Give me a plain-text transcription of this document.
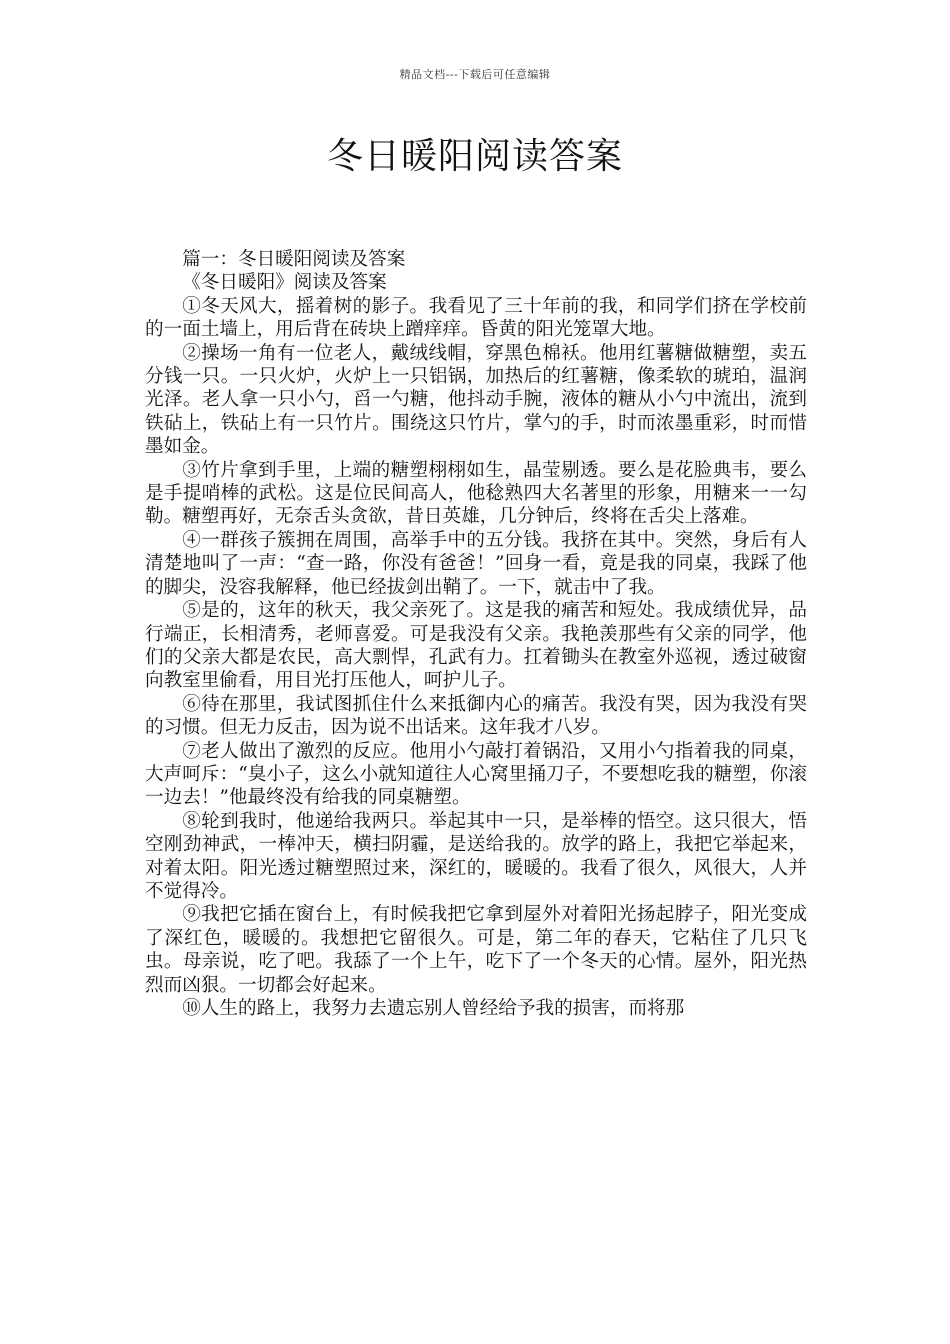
精品文档---下载后可任意编辑
冬日暖阳阅读答案

篇一：冬日暖阳阅读及答案

《冬日暖阳》阅读及答案

①冬天风大，摇着树的影子。我看见了三十年前的我，和同学们挤在学校前的一面土墙上，用后背在砖块上蹭痒痒。昏黄的阳光笼罩大地。

②操场一角有一位老人，戴绒线帽，穿黑色棉袄。他用红薯糖做糖塑，卖五分钱一只。一只火炉，火炉上一只铝锅，加热后的红薯糖，像柔软的琥珀，温润光泽。老人拿一只小勺，舀一勺糖，他抖动手腕，液体的糖从小勺中流出，流到铁砧上，铁砧上有一只竹片。围绕这只竹片，掌勺的手，时而浓墨重彩，时而惜墨如金。

③竹片拿到手里，上端的糖塑栩栩如生，晶莹剔透。要么是花脸典韦，要么是手提哨棒的武松。这是位民间高人，他稔熟四大名著里的形象，用糖来一一勾勒。糖塑再好，无奈舌头贪欲，昔日英雄，几分钟后，终将在舌尖上落难。

④一群孩子簇拥在周围，高举手中的五分钱。我挤在其中。突然，身后有人清楚地叫了一声：“查一路，你没有爸爸！”回身一看，竟是我的同桌，我踩了他的脚尖，没容我解释，他已经拔剑出鞘了。一下，就击中了我。

⑤是的，这年的秋天，我父亲死了。这是我的痛苦和短处。我成绩优异，品行端正，长相清秀，老师喜爱。可是我没有父亲。我艳羡那些有父亲的同学，他们的父亲大都是农民，高大剽悍，孔武有力。扛着锄头在教室外巡视，透过破窗向教室里偷看，用目光打压他人，呵护儿子。

⑥待在那里，我试图抓住什么来抵御内心的痛苦。我没有哭，因为我没有哭的习惯。但无力反击，因为说不出话来。这年我才八岁。

⑦老人做出了激烈的反应。他用小勺敲打着锅沿，又用小勺指着我的同桌，大声呵斥：“臭小子，这么小就知道往人心窝里捅刀子，不要想吃我的糖塑，你滚一边去！”他最终没有给我的同桌糖塑。

⑧轮到我时，他递给我两只。举起其中一只，是举棒的悟空。这只很大，悟空刚劲神武，一棒冲天，横扫阴霾，是送给我的。放学的路上，我把它举起来，对着太阳。阳光透过糖塑照过来，深红的，暖暖的。我看了很久，风很大，人并不觉得冷。

⑨我把它插在窗台上，有时候我把它拿到屋外对着阳光扬起脖子，阳光变成了深红色，暖暖的。我想把它留很久。可是，第二年的春天，它粘住了几只飞虫。母亲说，吃了吧。我舔了一个上午，吃下了一个冬天的心情。屋外，阳光热烈而凶狠。一切都会好起来。

⑩人生的路上，我努力去遗忘别人曾经给予我的损害，而将那
